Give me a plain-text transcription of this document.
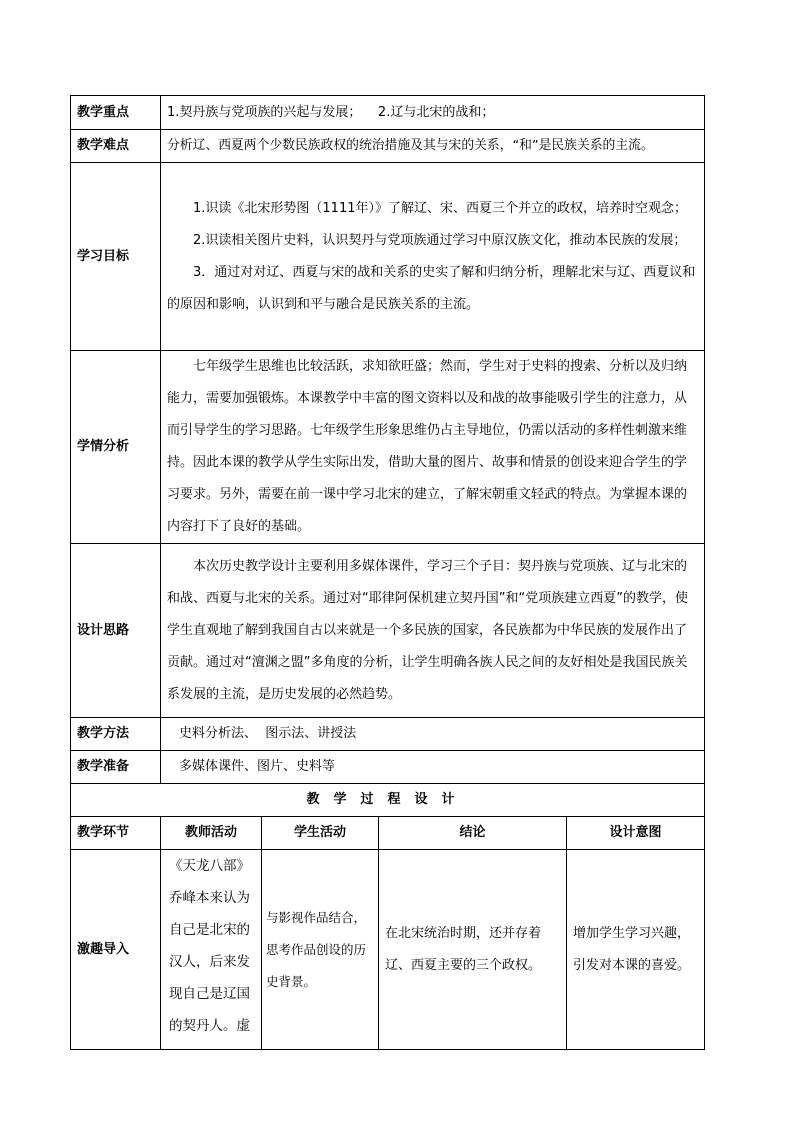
教学重点	1.契丹族与党项族的兴起与发展；    2.辽与北宋的战和；			
教学难点	分析辽、西夏两个少数民族政权的统治措施及其与宋的关系，“和”是民族关系的主流。			
学习目标	1.识读《北宋形势图（1111年）》了解辽、宋、西夏三个并立的政权，培养时空观念；
2.识读相关图片史料，认识契丹与党项族通过学习中原汉族文化，推动本民族的发展；
3．通过对对辽、西夏与宋的战和关系的史实了解和归纳分析，理解北宋与辽、西夏议和的原因和影响，认识到和平与融合是民族关系的主流。			

学情分析	七年级学生思维也比较活跃，求知欲旺盛；然而，学生对于史料的搜索、分析以及归纳能力，需要加强锻炼。本课教学中丰富的图文资料以及和战的故事能吸引学生的注意力，从而引导学生的学习思路。七年级学生形象思维仍占主导地位，仍需以活动的多样性刺激来维持。因此本课的教学从学生实际出发，借助大量的图片、故事和情景的创设来迎合学生的学习要求。另外，需要在前一课中学习北宋的建立，了解宋朝重文轻武的特点。为掌握本课的内容打下了良好的基础。			

设计思路	本次历史教学设计主要利用多媒体课件，学习三个子目：契丹族与党项族、辽与北宋的和战、西夏与北宋的关系。通过对“耶律阿保机建立契丹国”和“党项族建立西夏”的教学，使学生直观地了解到我国自古以来就是一个多民族的国家，各民族都为中华民族的发展作出了贡献。通过对“澶渊之盟”多角度的分析，让学生明确各族人民之间的友好相处是我国民族关系发展的主流，是历史发展的必然趋势。			

教学方法	史料分析法、  图示法、讲授法			
教学准备	多媒体课件、图片、史料等			
教学过程设计				
教学环节	教师活动	学生活动	结论	设计意图
激趣导入	《天龙八部》乔峰本来认为自己是北宋的汉人，后来发现自己是辽国的契丹人。虚	与影视作品结合，思考作品创设的历史背景。	在北宋统治时期，还并存着辽、西夏主要的三个政权。	增加学生学习兴趣，引发对本课的喜爱。
